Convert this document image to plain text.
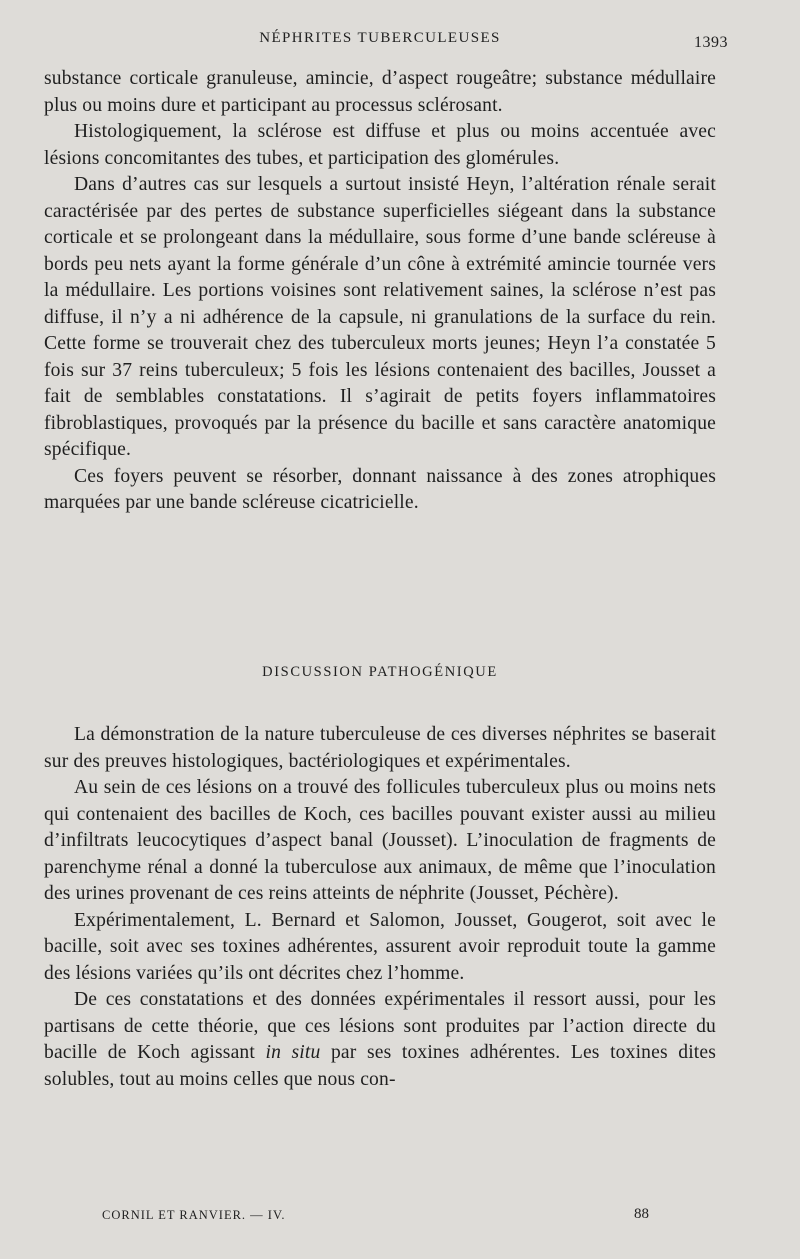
NÉPHRITES TUBERCULEUSES	1393

substance corticale granuleuse, amincie, d’aspect rougeâtre; substance médullaire plus ou moins dure et participant au processus sclérosant.

Histologiquement, la sclérose est diffuse et plus ou moins accentuée avec lésions concomitantes des tubes, et participation des glomérules.

Dans d’autres cas sur lesquels a surtout insisté Heyn, l’altération rénale serait caractérisée par des pertes de substance superficielles siégeant dans la substance corticale et se prolongeant dans la médullaire, sous forme d’une bande scléreuse à bords peu nets ayant la forme générale d’un cône à extrémité amincie tournée vers la médullaire. Les portions voisines sont relativement saines, la sclérose n’est pas diffuse, il n’y a ni adhérence de la capsule, ni granulations de la surface du rein. Cette forme se trouverait chez des tuberculeux morts jeunes; Heyn l’a constatée 5 fois sur 37 reins tuberculeux; 5 fois les lésions contenaient des bacilles, Jousset a fait de semblables constatations. Il s’agirait de petits foyers inflammatoires fibroblastiques, provoqués par la présence du bacille et sans caractère anatomique spécifique.

Ces foyers peuvent se résorber, donnant naissance à des zones atrophiques marquées par une bande scléreuse cicatricielle.

DISCUSSION PATHOGÉNIQUE

La démonstration de la nature tuberculeuse de ces diverses néphrites se baserait sur des preuves histologiques, bactériologiques et expérimentales.

Au sein de ces lésions on a trouvé des follicules tuberculeux plus ou moins nets qui contenaient des bacilles de Koch, ces bacilles pouvant exister aussi au milieu d’infiltrats leucocytiques d’aspect banal (Jousset). L’inoculation de fragments de parenchyme rénal a donné la tuberculose aux animaux, de même que l’inoculation des urines provenant de ces reins atteints de néphrite (Jousset, Péchère).

Expérimentalement, L. Bernard et Salomon, Jousset, Gougerot, soit avec le bacille, soit avec ses toxines adhérentes, assurent avoir reproduit toute la gamme des lésions variées qu’ils ont décrites chez l’homme.

De ces constatations et des données expérimentales il ressort aussi, pour les partisans de cette théorie, que ces lésions sont produites par l’action directe du bacille de Koch agissant in situ par ses toxines adhérentes. Les toxines dites solubles, tout au moins celles que nous con-

CORNIL ET RANVIER. — IV.	88
